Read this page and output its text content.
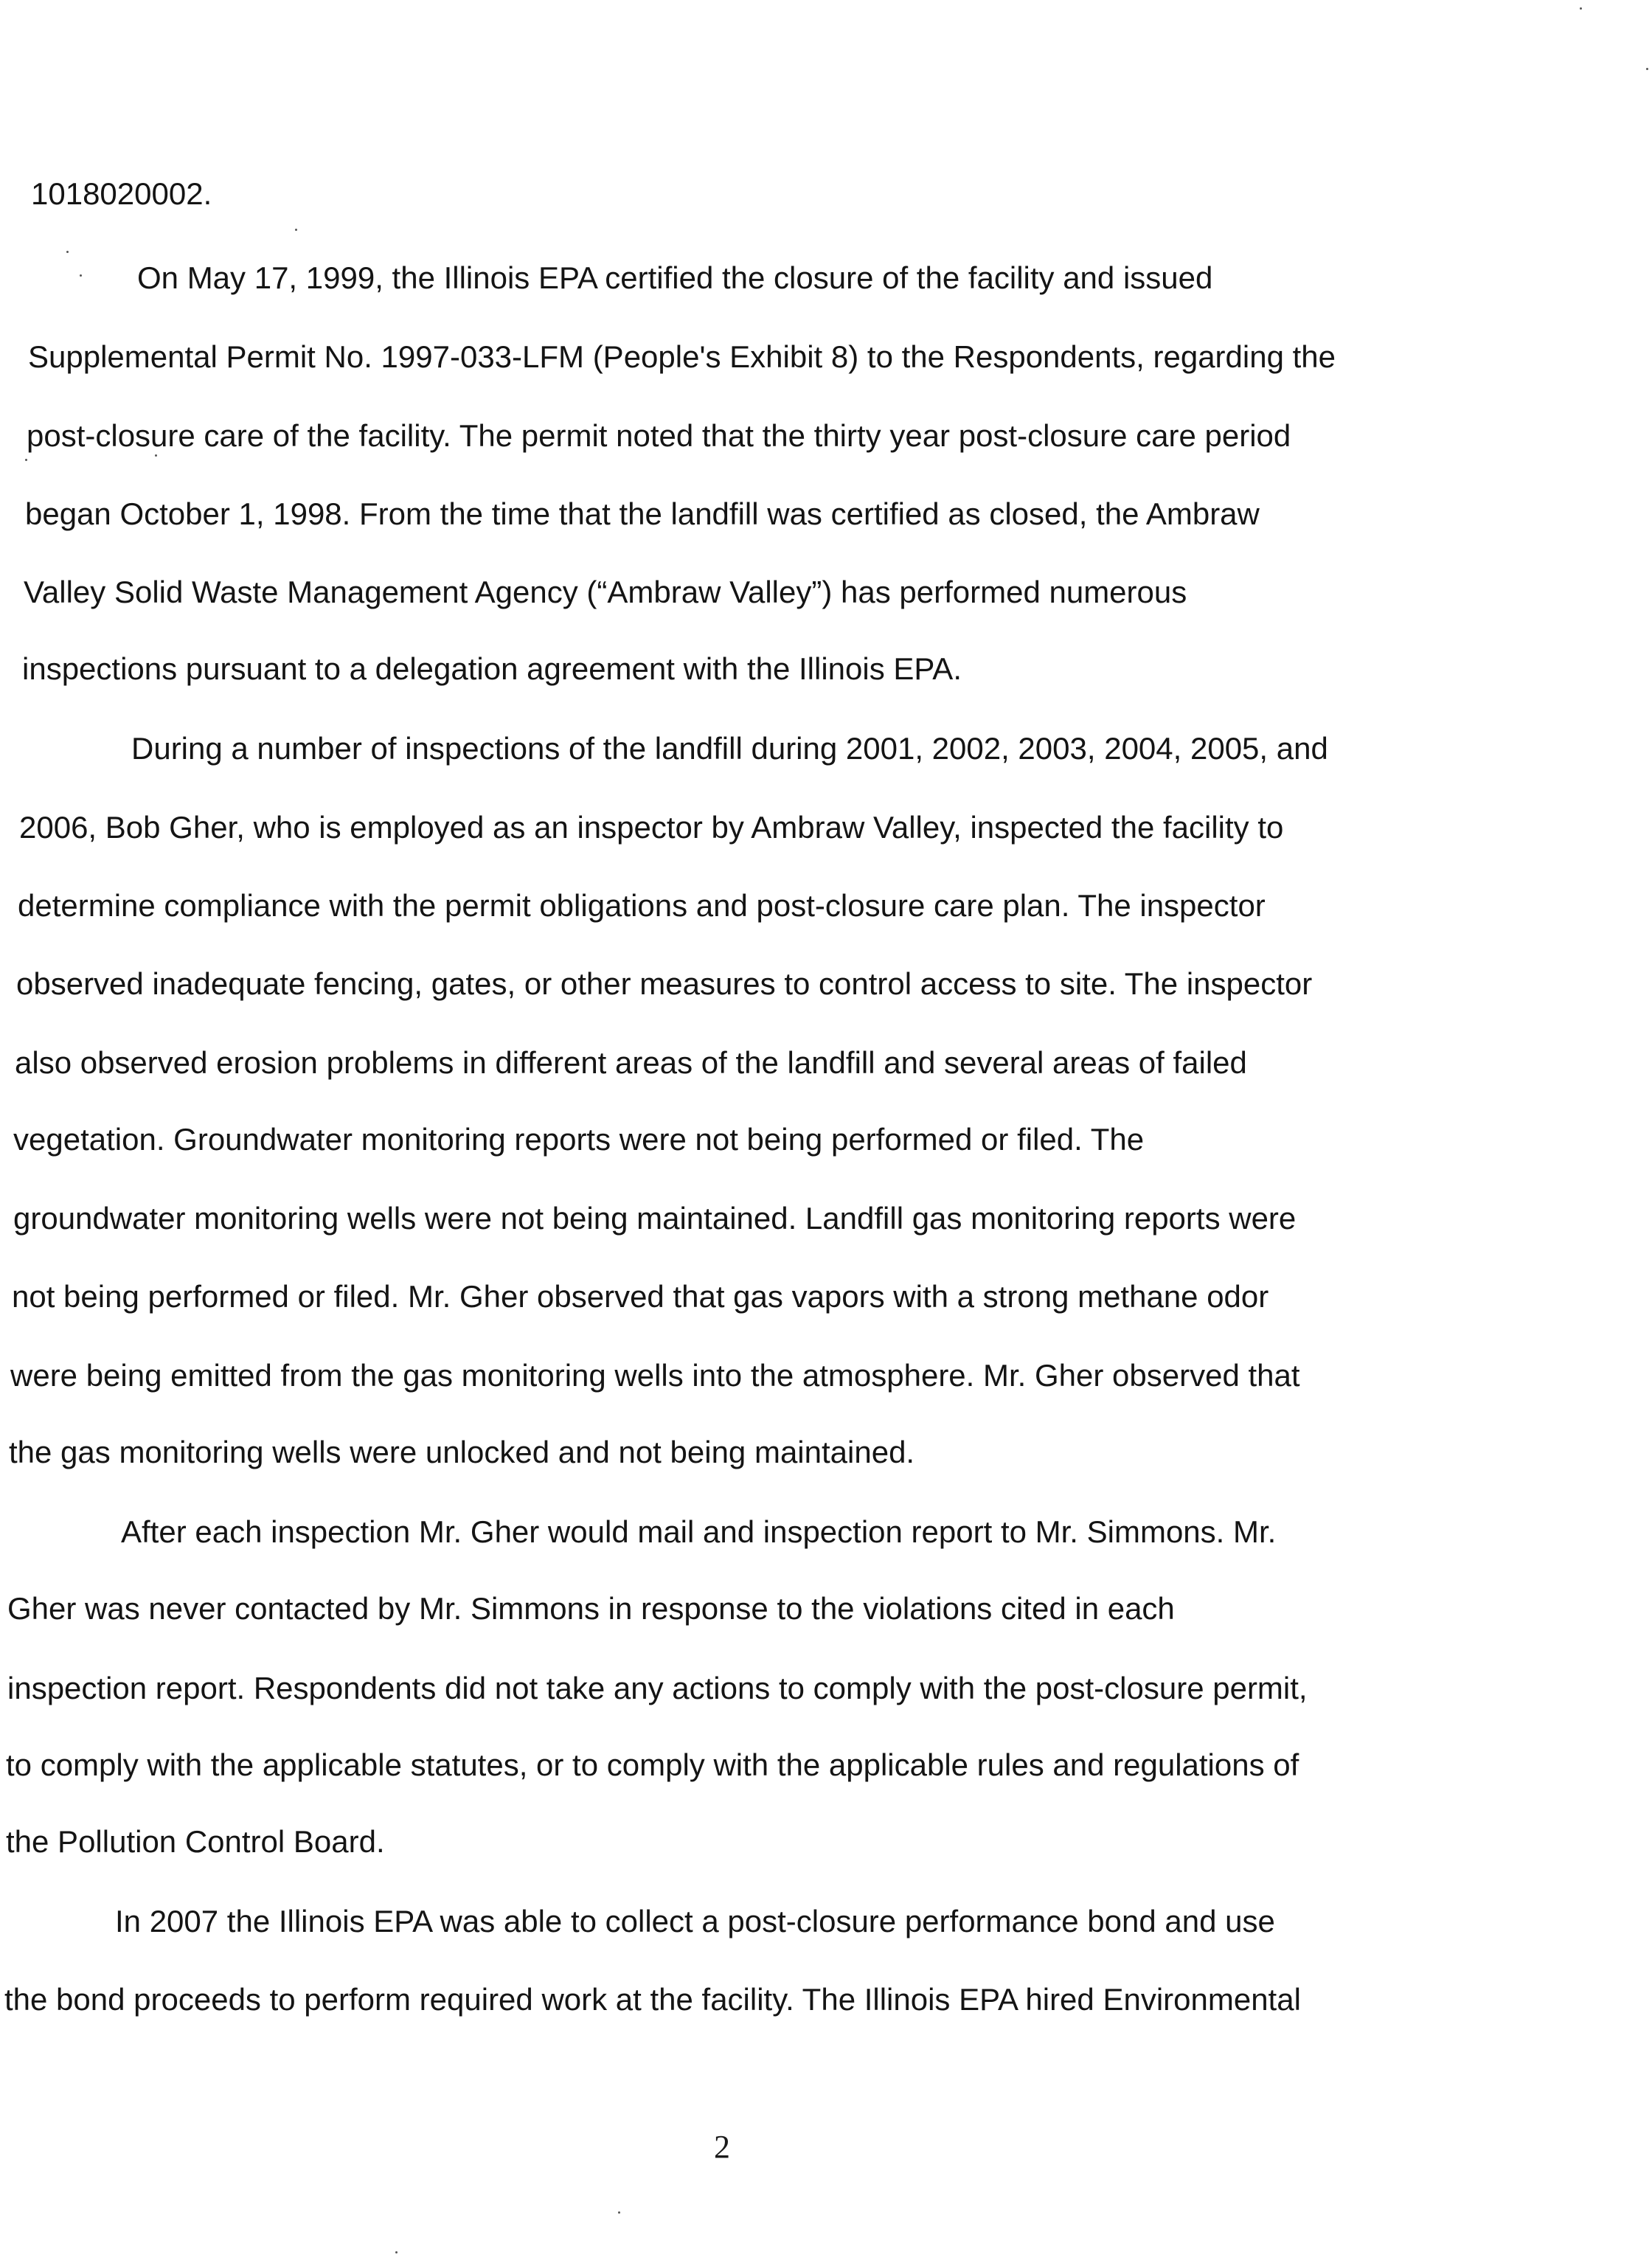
1018020002.
On May 17, 1999, the Illinois EPA certified the closure of the facility and issued
Supplemental Permit No. 1997-033-LFM (People's Exhibit 8) to the Respondents, regarding the
post-closure care of the facility. The permit noted that the thirty year post-closure care period
began October 1, 1998. From the time that the landfill was certified as closed, the Ambraw
Valley Solid Waste Management Agency (“Ambraw Valley”) has performed numerous
inspections pursuant to a delegation agreement with the Illinois EPA.
During a number of inspections of the landfill during 2001, 2002, 2003, 2004, 2005, and
2006, Bob Gher, who is employed as an inspector by Ambraw Valley, inspected the facility to
determine compliance with the permit obligations and post-closure care plan. The inspector
observed inadequate fencing, gates, or other measures to control access to site. The inspector
also observed erosion problems in different areas of the landfill and several areas of failed
vegetation. Groundwater monitoring reports were not being performed or filed. The
groundwater monitoring wells were not being maintained. Landfill gas monitoring reports were
not being performed or filed. Mr. Gher observed that gas vapors with a strong methane odor
were being emitted from the gas monitoring wells into the atmosphere. Mr. Gher observed that
the gas monitoring wells were unlocked and not being maintained.
After each inspection Mr. Gher would mail and inspection report to Mr. Simmons. Mr.
Gher was never contacted by Mr. Simmons in response to the violations cited in each
inspection report. Respondents did not take any actions to comply with the post-closure permit,
to comply with the applicable statutes, or to comply with the applicable rules and regulations of
the Pollution Control Board.
In 2007 the Illinois EPA was able to collect a post-closure performance bond and use
the bond proceeds to perform required work at the facility. The Illinois EPA hired Environmental
2
